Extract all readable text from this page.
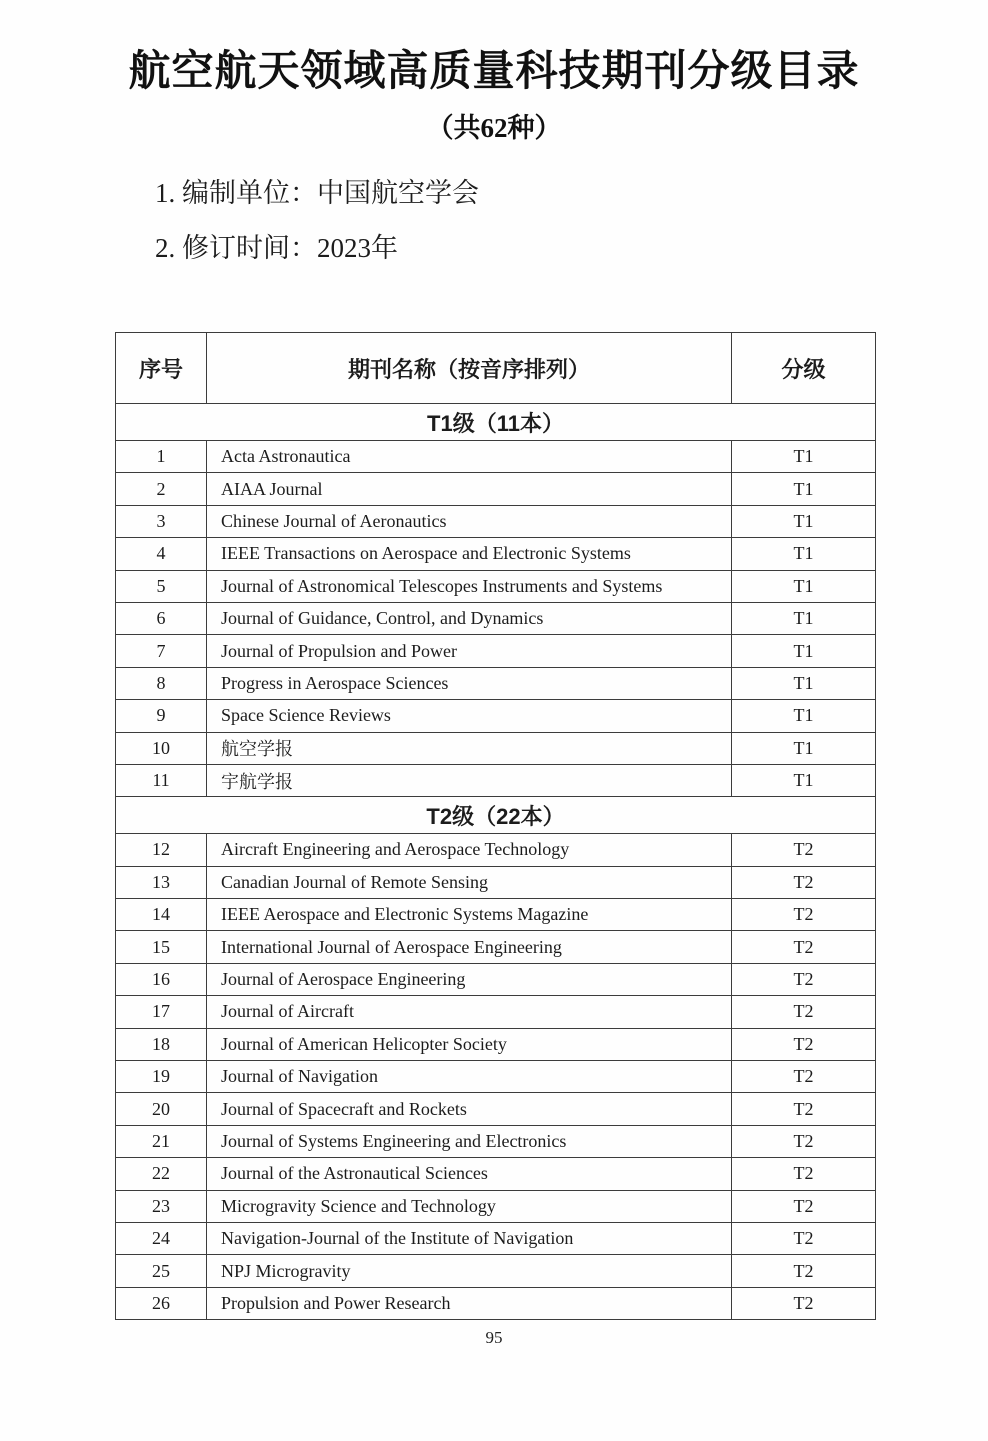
航空航天领域高质量科技期刊分级目录
（共62种）
1. 编制单位：中国航空学会
2. 修订时间：2023年
序号	期刊名称（按音序排列）	分级
T1级（11本）		
1	Acta Astronautica	T1
2	AIAA Journal	T1
3	Chinese Journal of Aeronautics	T1
4	IEEE Transactions on Aerospace and Electronic Systems	T1
5	Journal of Astronomical Telescopes Instruments and Systems	T1
6	Journal of Guidance, Control, and Dynamics	T1
7	Journal of Propulsion and Power	T1
8	Progress in Aerospace Sciences	T1
9	Space Science Reviews	T1
10	航空学报	T1
11	宇航学报	T1
T2级（22本）		
12	Aircraft Engineering and Aerospace Technology	T2
13	Canadian Journal of Remote Sensing	T2
14	IEEE Aerospace and Electronic Systems Magazine	T2
15	International Journal of Aerospace Engineering	T2
16	Journal of Aerospace Engineering	T2
17	Journal of Aircraft	T2
18	Journal of American Helicopter Society	T2
19	Journal of Navigation	T2
20	Journal of Spacecraft and Rockets	T2
21	Journal of Systems Engineering and Electronics	T2
22	Journal of the Astronautical Sciences	T2
23	Microgravity Science and Technology	T2
24	Navigation-Journal of the Institute of Navigation	T2
25	NPJ Microgravity	T2
26	Propulsion and Power Research	T2
95
